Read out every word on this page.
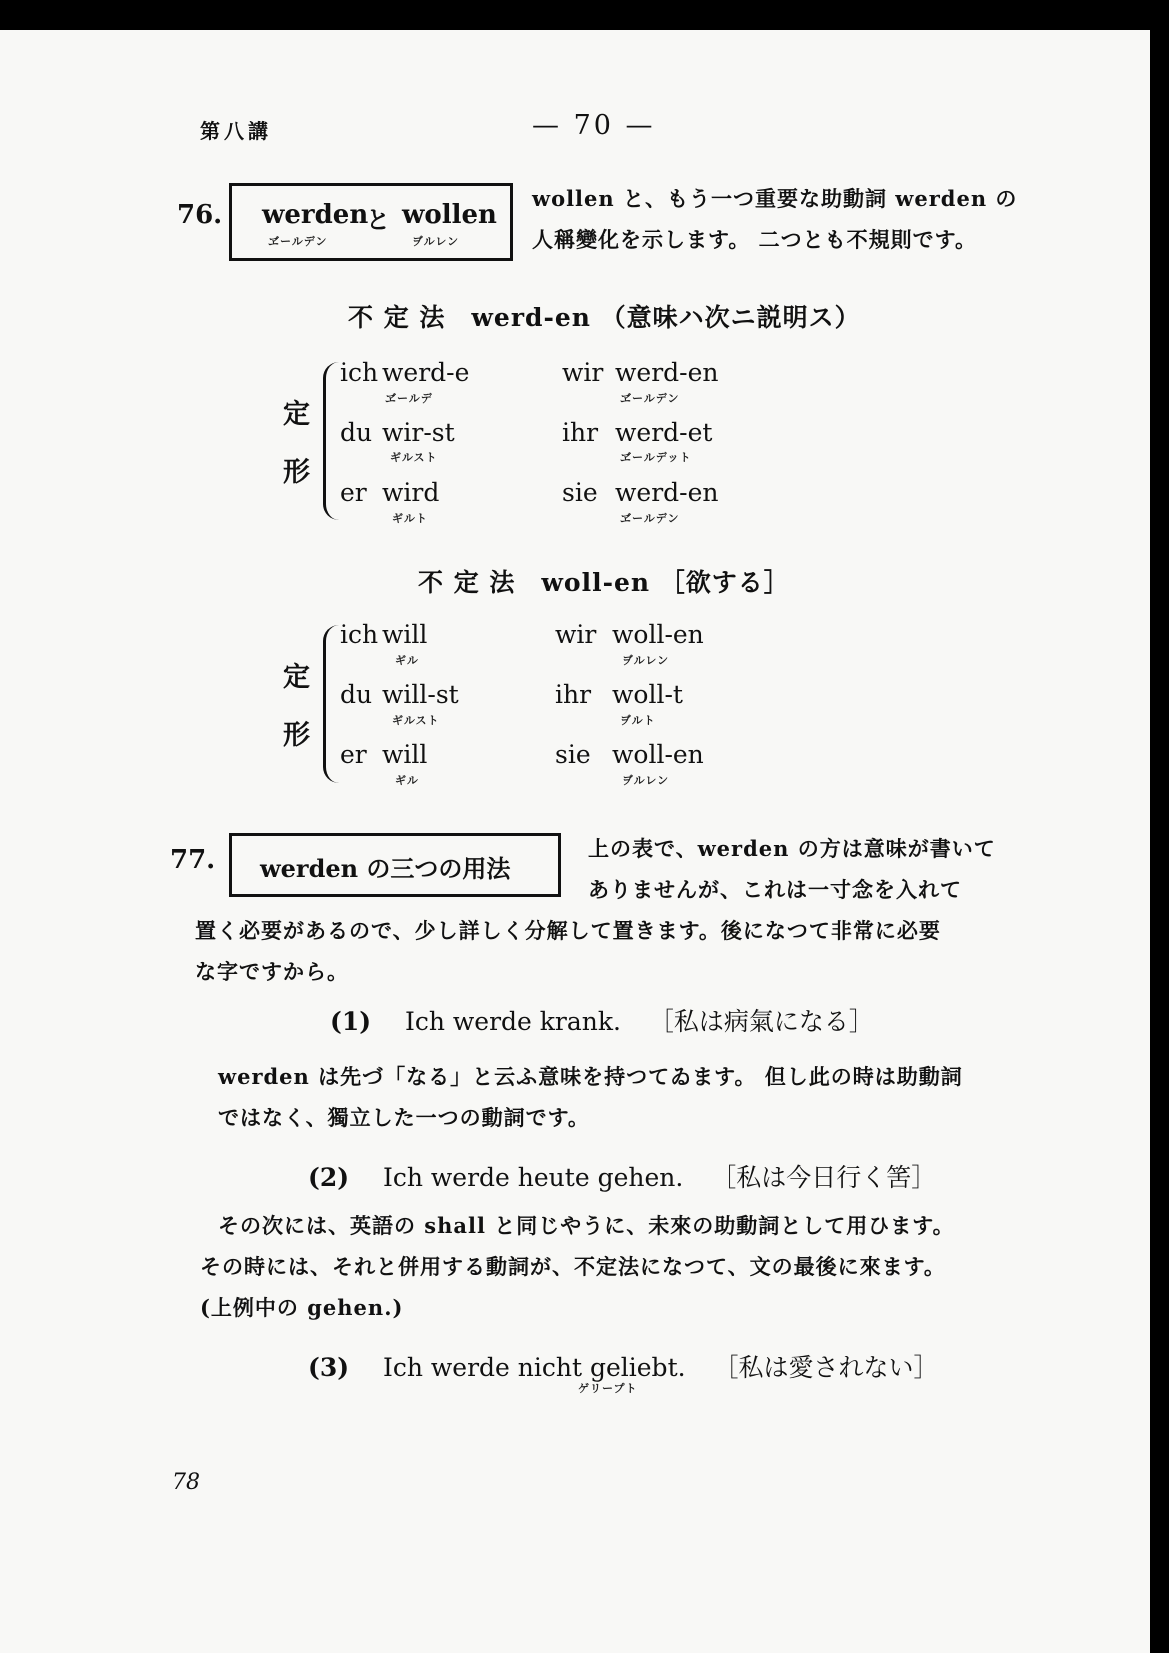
第八講	— 70 —
76. werden
と wollen
ヹールデン	ヺルレン
wollen と、もう一つ重要な助動詞 werden の
人稱變化を示します。 二つとも不規則です。
不 定 法　werd-en （意味ハ次ニ説明ス）
定
形
ich werd-e
ヹールデ
wir werd-en
ヹールデン
du wir-st
ギルスト
ihr werd-et
ヹールデット
er wird
ギルト
sie werd-en
ヹールデン
不 定 法　woll-en ［欲する］
定
形
ich will
ギル
wir woll-en
ヺルレン
du will-st
ギルスト
ihr woll-t
ヺルト
er will
ギル
sie woll-en
ヺルレン
77. werden の三つの用法
上の表で、werden の方は意味が書いて
ありませんが、これは一寸念を入れて
置く必要があるので、少し詳しく分解して置きます。後になつて非常に必要
な字ですから。
(1) Ich werde krank. ［私は病氣になる］
werden は先づ「なる」と云ふ意味を持つてゐます。 但し此の時は助動詞
ではなく、獨立した一つの動詞です。
(2) Ich werde heute gehen. ［私は今日行く筈］
その次には、英語の shall と同じやうに、未來の助動詞として用ひます。
その時には、それと併用する動詞が、不定法になつて、文の最後に來ます。
(上例中の gehen.)
(3) Ich werde nicht geliebt. ［私は愛されない］
ゲリープト
78
